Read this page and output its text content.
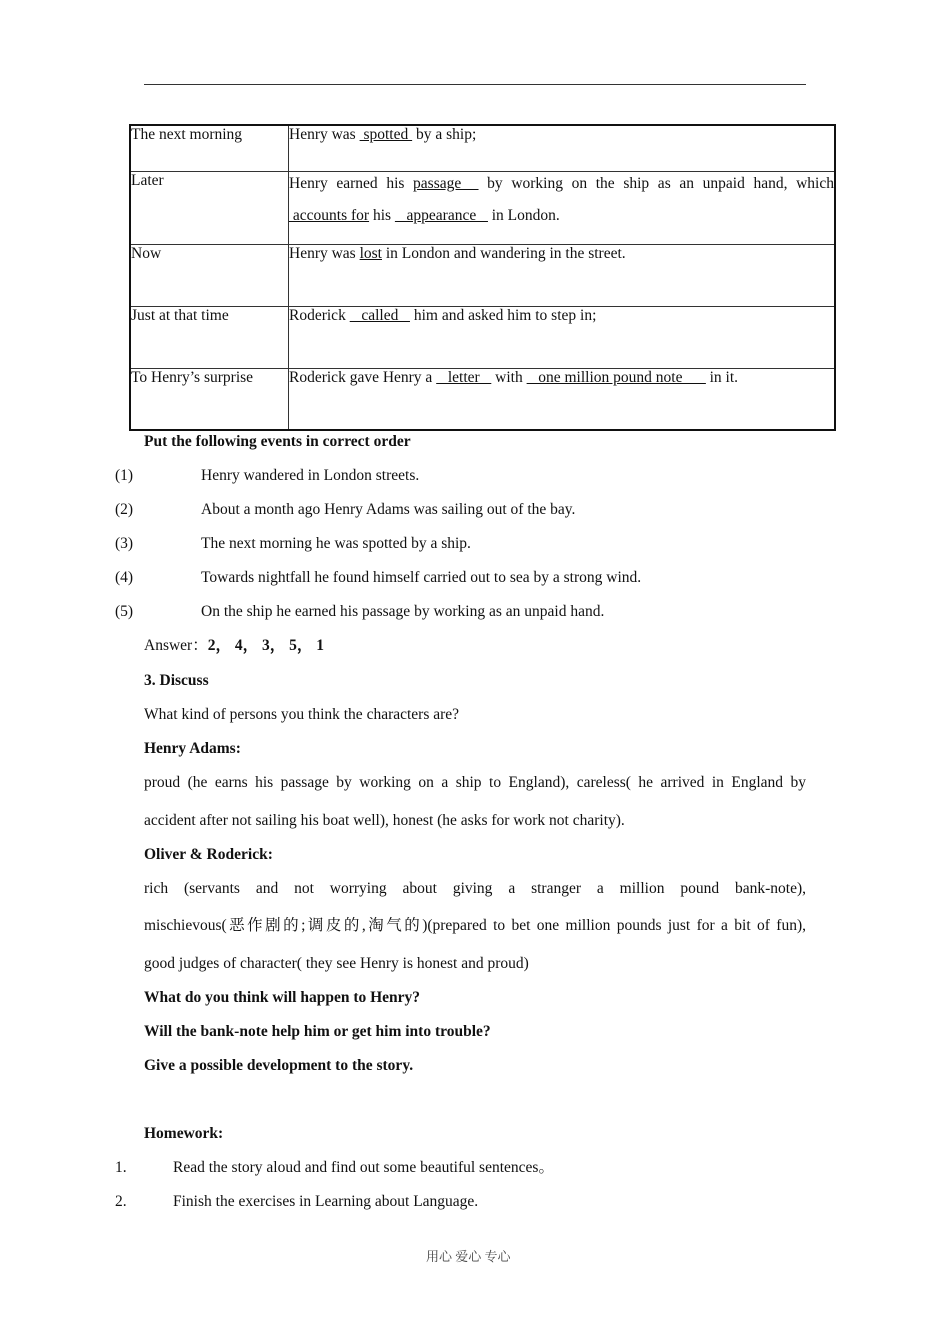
The next morning	Henry was  spotted  by a ship;
Later	Henry earned his passage   by working on the ship as an unpaid hand, which
accounts for his  _appearance _ in London.

Now	Henry was lost in London and wandering in the street.
Just at that time	Roderick  _called_  him and asked him to step in;
To Henry’s surprise	Roderick gave Henry a  _letter_  with  _one million pound note___ in it.
Put the following events in correct order
(1)	Henry wandered in London streets.
(2)	About a month ago Henry Adams was sailing out of the bay.
(3)	The next morning he was spotted by a ship.
(4)	Towards nightfall he found himself carried out to sea by a strong wind.
(5)	On the ship he earned his passage by working as an unpaid hand.
Answer：2， 4， 3， 5， 1
3. Discuss
What kind of persons you think the characters are?
Henry Adams:
proud (he earns his passage by working on a ship to England), careless( he arrived in England by
accident after not sailing his boat well), honest (he asks for work not charity).
Oliver & Roderick:
rich (servants and not worrying about giving a stranger a million pound bank-note),
mischievous(恶作剧的;调皮的,淘气的)(prepared to bet one million pounds just for a bit of fun),
good judges of character( they see Henry is honest and proud)
What do you think will happen to Henry?
Will the bank-note help him or get him into trouble?
Give a possible development to the story.
Homework:
1.	Read the story aloud and find out some beautiful sentences。
2.	Finish the exercises in Learning about Language.
用心 爱心 专心
